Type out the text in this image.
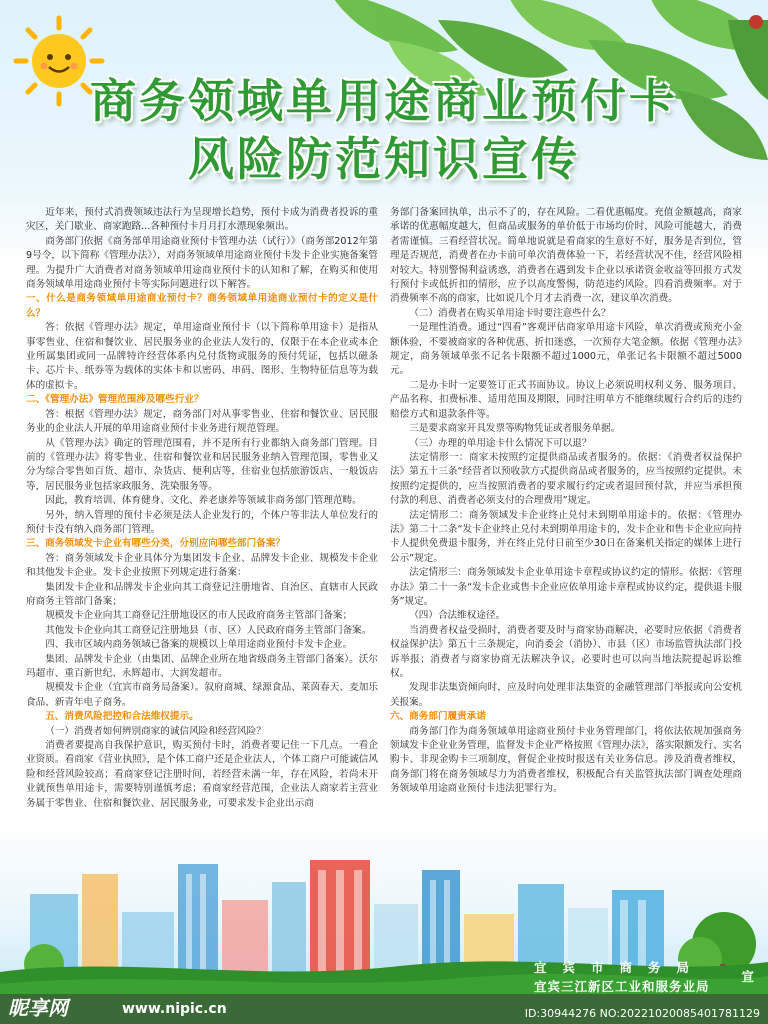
商务领域单用途商业预付卡
风险防范知识宣传

近年来，预付式消费领域违法行为呈现增长趋势，预付卡成为消费者投诉的重灾区，关门歇业、商家跑路...各种预付卡月月打水漂现象频出。

商务部门依据《商务部单用途商业预付卡管理办法（试行）》（商务部2012年第9号令，以下简称《管理办法》），对商务领域单用途商业预付卡发卡企业实施备案管理。为提升广大消费者对商务领域单用途商业预付卡的认知和了解，在购买和使用商务领域单用途商业预付卡等实际问题进行以下解答。

一、什么是商务领域单用途商业预付卡？商务领域单用途商业预付卡的定义是什么？

答：依据《管理办法》规定，单用途商业预付卡（以下简称单用途卡）是指从事零售业、住宿和餐饮业、居民服务业的企业法人发行的，仅限于在本企业或本企业所属集团或同一品牌特许经营体系内兑付货物或服务的预付凭证，包括以磁条卡、芯片卡、纸券等为载体的实体卡和以密码、串码、图形、生物特征信息等为载体的虚拟卡。

二、《管理办法》管理范围涉及哪些行业？

答：根据《管理办法》规定，商务部门对从事零售业、住宿和餐饮业、居民服务业的企业法人开展的单用途商业预付卡业务进行规范管理。

从《管理办法》确定的管理范围看，并不是所有行业都纳入商务部门管理。目前的《管理办法》将零售业、住宿和餐饮业和居民服务业纳入管理范围，零售业又分为综合零售如百货、超市、杂货店、便利店等，住宿业包括旅游饭店、一般饭店等，居民服务业包括家政服务、洗染服务等。

因此，教育培训、体育健身、文化、养老康养等领域非商务部门管理范畴。

另外，纳入管理的预付卡必须是法人企业发行的，个体户等非法人单位发行的预付卡没有纳入商务部门管理。

三、商务领域发卡企业有哪些分类，分别应向哪些部门备案？

答：商务领域发卡企业具体分为集团发卡企业、品牌发卡企业、规模发卡企业和其他发卡企业。发卡企业按照下列规定进行备案：

集团发卡企业和品牌发卡企业向其工商登记注册地省、自治区、直辖市人民政府商务主管部门备案；

规模发卡企业向其工商登记注册地设区的市人民政府商务主管部门备案；

其他发卡企业向其工商登记注册地县（市、区）人民政府商务主管部门备案。

四、我市区域内商务领域已备案的规模以上单用途商业预付卡发卡企业。

集团、品牌发卡企业（由集团、品牌企业所在地省级商务主管部门备案）。沃尔玛超市、重百新世纪、永辉超市、大润发超市。

规模发卡企业（宜宾市商务局备案）。叙府商城、绿源食品、莱茵春天、麦加乐食品、新青年电子商务。

五、消费风险把控和合法维权提示。

（一）消费者如何辨别商家的诚信风险和经营风险？

消费者要提高自我保护意识，购买预付卡时，消费者要记住一下几点。一看企业资质。看商家《营业执照》，是个体工商户还是企业法人，个体工商户可能诚信风险和经营风险较高；看商家登记注册时间，若经营未满一年，存在风险，若尚未开业就预售单用途卡，需要特别谨慎考虑；看商家经营范围，企业法人商家若主营业务属于零售业、住宿和餐饮业、居民服务业，可要求发卡企业出示商

务部门备案回执单，出示不了的，存在风险。二看优惠幅度。充值金额越高，商家承诺的优惠幅度越大，但商品或服务的单价低于市场均价时，风险可能越大，消费者需谨慎。三看经营状况。简单地说就是看商家的生意好不好，服务是否到位，管理是否规范，消费者在办卡前可单次消费体验一下，若经营状况不佳，经营风险相对较大。特别警惕利益诱惑，消费者在遇到发卡企业以承诺资金收益等回报方式发行预付卡或低折扣的情形，应予以高度警惕，防范违约风险。四看消费频率。对于消费频率不高的商家，比如说几个月才去消费一次，建议单次消费。

（二）消费者在购买单用途卡时要注意些什么？

一是理性消费。通过“四看”客观评估商家单用途卡风险，单次消费或预充小金额体验，不要被商家的各种优惠、折扣迷惑，一次预存大笔金额。依据《管理办法》规定，商务领域单张不记名卡限额不超过1000元，单张记名卡限额不超过5000元。

二是办卡时一定要签订正式书面协议。协议上必须说明权利义务、服务项目、产品名称、扣费标准、适用范围及期限，同时注明单方不能继续履行合约后的违约赔偿方式和退款条件等。

三是要求商家开具发票等购物凭证或者服务单据。

（三）办理的单用途卡什么情况下可以退？

法定情形一：商家未按照约定提供商品或者服务的。依据：《消费者权益保护法》第五十三条“经营者以预收款方式提供商品或者服务的，应当按照约定提供。未按照约定提供的，应当按照消费者的要求履行约定或者退回预付款，并应当承担预付款的利息、消费者必须支付的合理费用”规定。

法定情形二：商务领域发卡企业终止兑付未到期单用途卡的。依据：《管理办法》第二十二条“发卡企业终止兑付未到期单用途卡的，发卡企业和售卡企业应向持卡人提供免费退卡服务，并在终止兑付日前至少30日在备案机关指定的媒体上进行公示”规定。

法定情形三：商务领域发卡企业单用途卡章程或协议约定的情形。依据：《管理办法》第二十一条“发卡企业或售卡企业应依单用途卡章程或协议约定，提供退卡服务”规定。

（四）合法维权途径。

当消费者权益受损时，消费者要及时与商家协商解决，必要时应依据《消费者权益保护法》第五十三条规定，向消委会（消协）、市县（区）市场监管执法部门投诉举报；消费者与商家协商无法解决争议，必要时也可以向当地法院提起诉讼维权。

发现非法集资倾向时，应及时向处理非法集资的金融管理部门举报或向公安机关报案。

六、商务部门履责承诺

商务部门作为商务领域单用途商业预付卡业务管理部门，将依法依规加强商务领域发卡企业业务管理，监督发卡企业严格按照《管理办法》，落实限额发行、实名购卡、非现金购卡三项制度，督促企业按时报送有关业务信息。涉及消费者维权，商务部门将在商务领域尽力为消费者维权，积极配合有关监管执法部门调查处理商务领域单用途商业预付卡违法犯罪行为。

宜宾市商务局
宜宾三江新区工业和服务业局
宣
昵享网	www.nipic.cn	ID:30944276 NO:20221020085401781129
